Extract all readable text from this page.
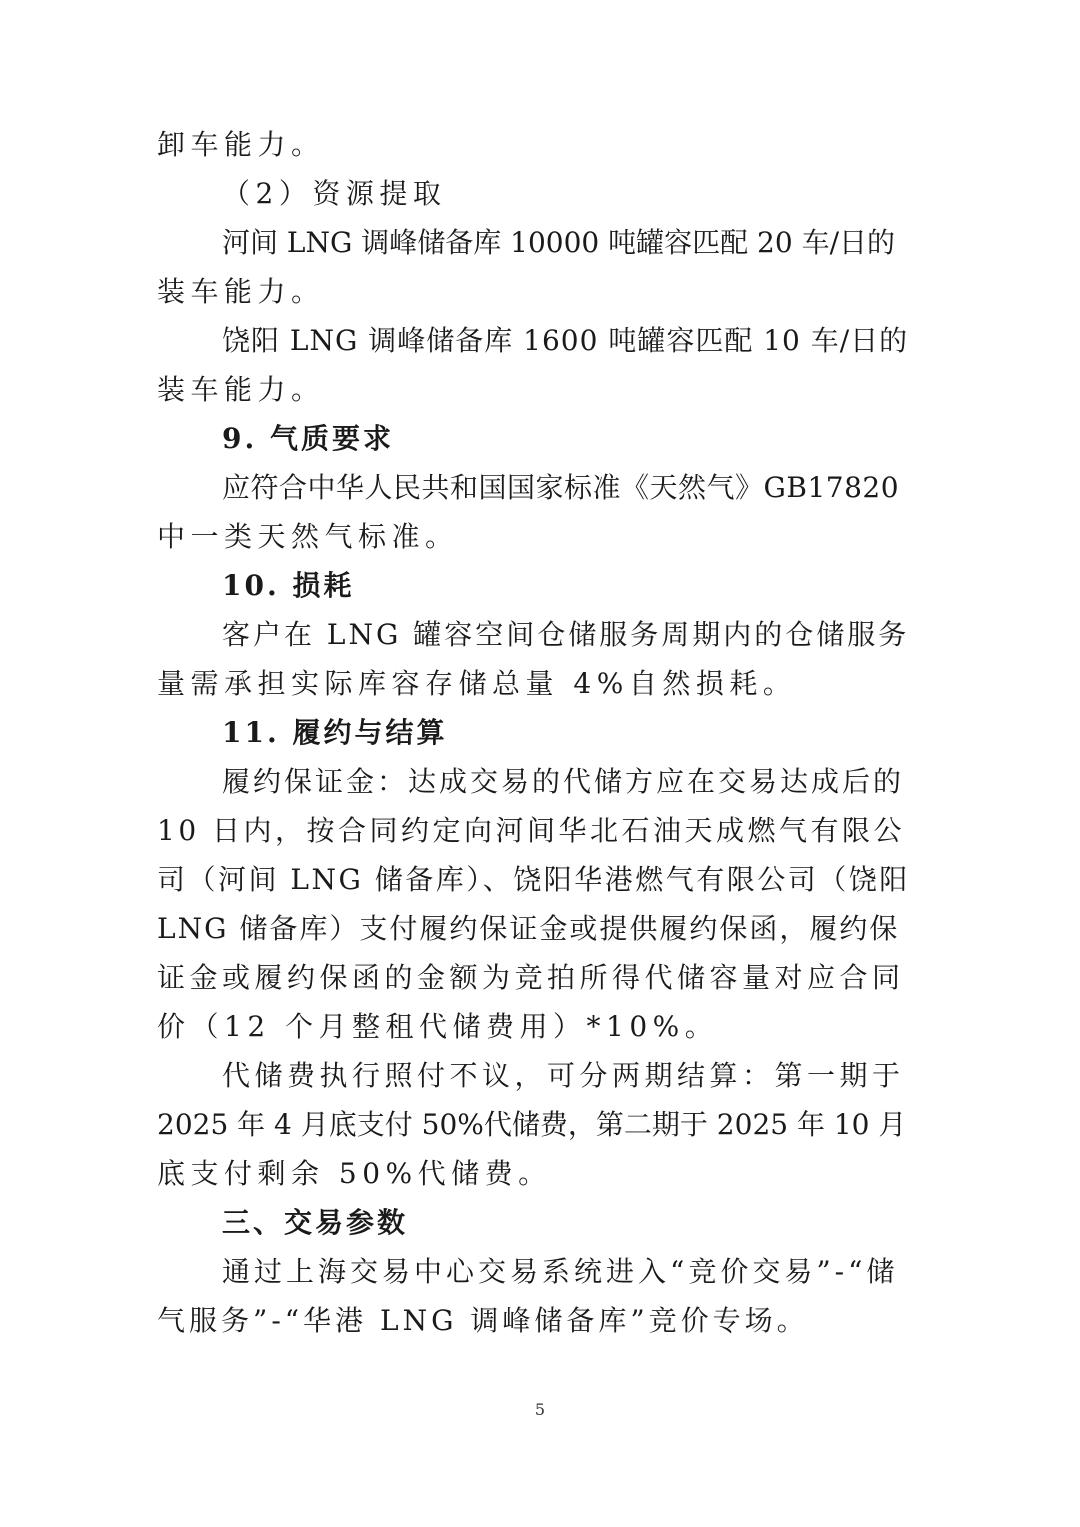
卸车能力。
（2）资源提取
河间 LNG 调峰储备库 10000 吨罐容匹配 20 车/日的
装车能力。
饶阳 LNG 调峰储备库 1600 吨罐容匹配 10 车/日的
装车能力。
9. 气质要求
应符合中华人民共和国国家标准《天然气》GB17820
中一类天然气标准。
10. 损耗
客户在 LNG 罐容空间仓储服务周期内的仓储服务
量需承担实际库容存储总量 4%自然损耗。
11. 履约与结算
履约保证金：达成交易的代储方应在交易达成后的
10 日内，按合同约定向河间华北石油天成燃气有限公
司（河间 LNG 储备库）、饶阳华港燃气有限公司（饶阳
LNG 储备库）支付履约保证金或提供履约保函，履约保
证金或履约保函的金额为竞拍所得代储容量对应合同
价（12 个月整租代储费用）*10%。
代储费执行照付不议，可分两期结算：第一期于
2025 年 4 月底支付 50%代储费，第二期于 2025 年 10 月
底支付剩余 50%代储费。
三、交易参数
通过上海交易中心交易系统进入“竞价交易”-“储
气服务”-“华港 LNG 调峰储备库”竞价专场。
5
